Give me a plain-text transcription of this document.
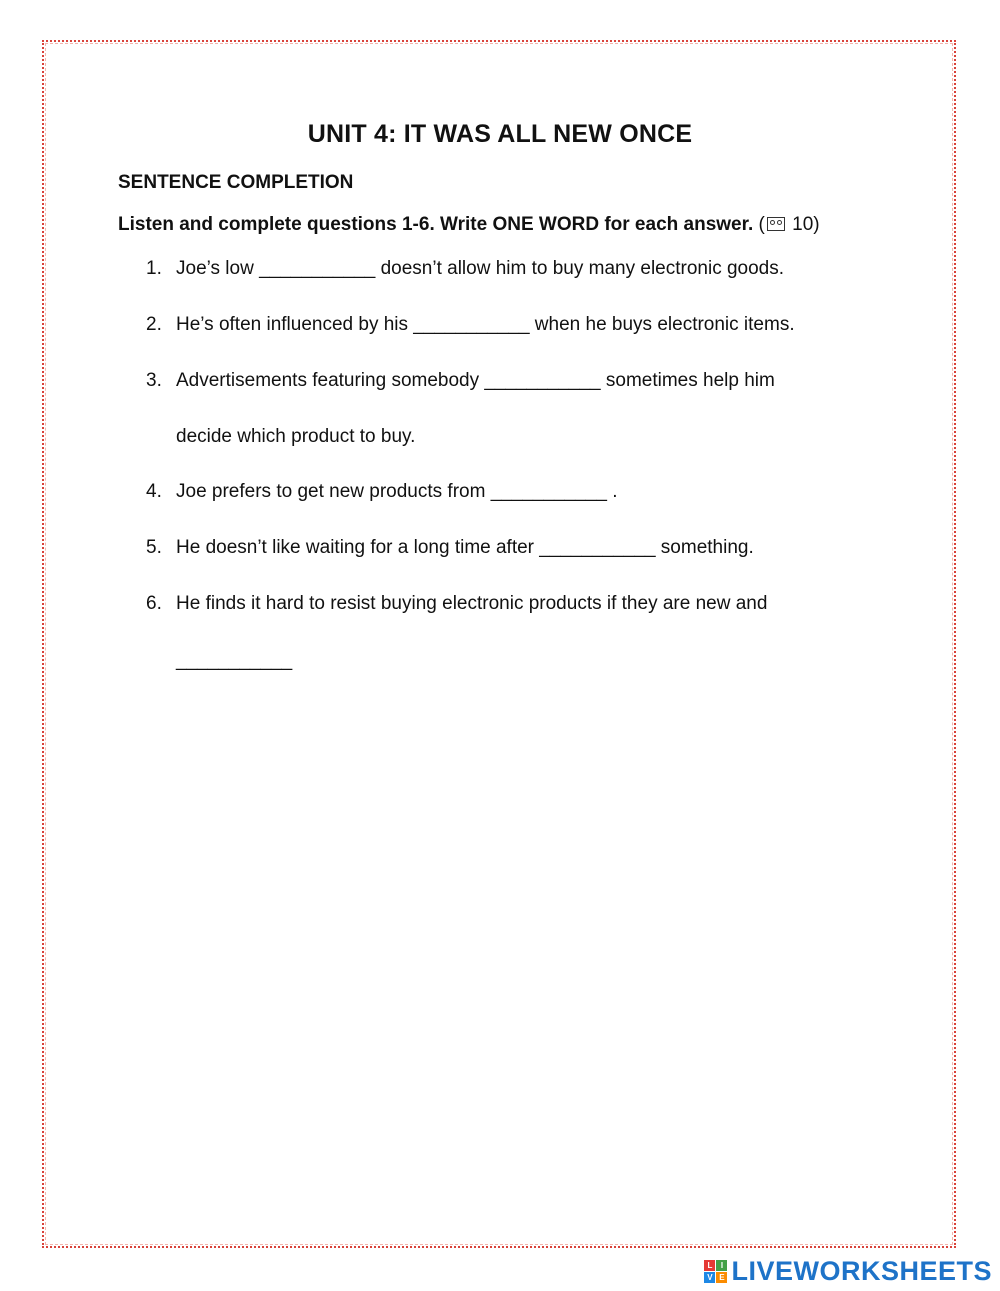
UNIT 4: IT WAS ALL NEW ONCE
SENTENCE COMPLETION
Listen and complete questions 1-6. Write ONE WORD for each answer. ( 10)
1. Joe’s low ___________ doesn’t allow him to buy many electronic goods.
2. He’s often influenced by his ___________ when he buys electronic items.
3. Advertisements featuring somebody ___________ sometimes help him
decide which product to buy.
4. Joe prefers to get new products from ___________ .
5. He doesn’t like waiting for a long time after ___________ something.
6. He finds it hard to resist buying electronic products if they are new and
___________
L	I
V E LIVEWORKSHEETS
